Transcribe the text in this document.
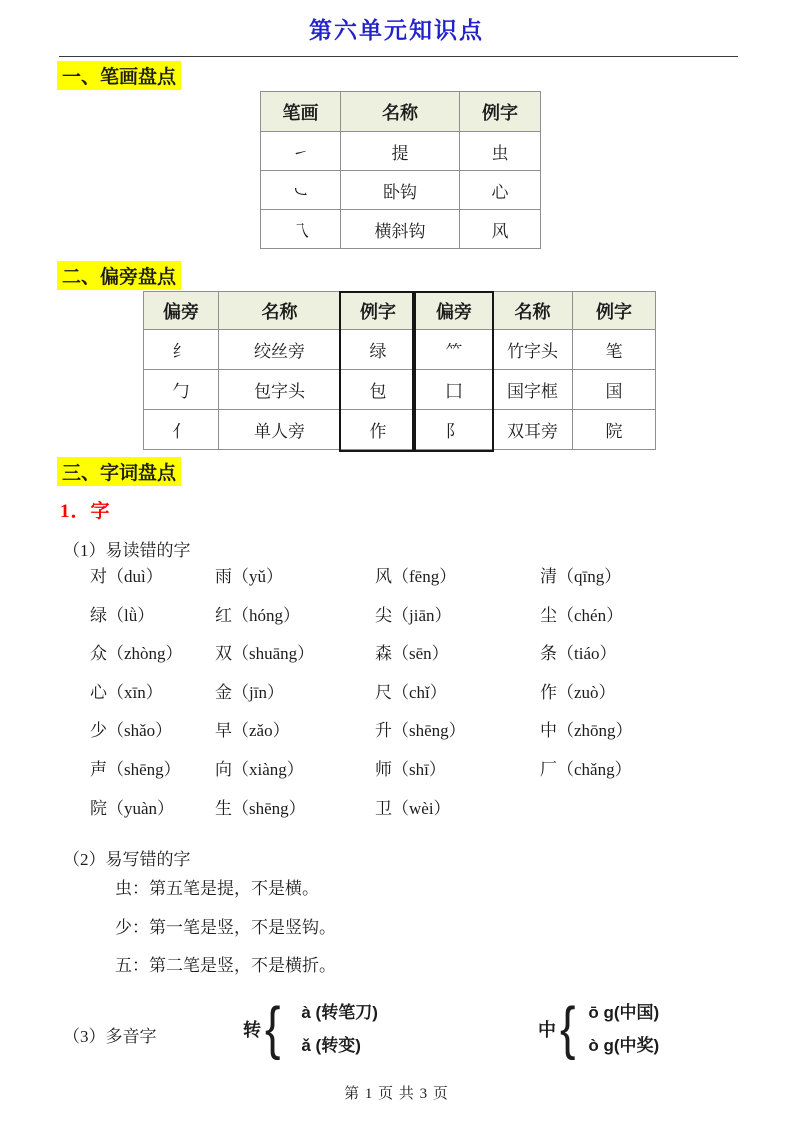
第六单元知识点
一、笔画盘点
笔画	名称	例字
㇀	提	虫
㇃	卧钩	心
乁	横斜钩	风
二、偏旁盘点
偏旁	名称	例字	偏旁	名称	例字
纟	绞丝旁	绿	⺮	竹字头	笔
勹	包字头	包	囗	国字框	国
亻	单人旁	作	阝	双耳旁	院
三、字词盘点
1．字
（1）易读错的字
对（duì）	雨（yǔ）	风（fēng）	清（qīng）
绿（lǜ）	红（hóng）	尖（jiān）	尘（chén）
众（zhòng） 双（shuāng）	森（sēn）	条（tiáo）
心（xīn）	金（jīn）	尺（chǐ）	作（zuò）
少（shǎo）	早（zǎo）	升（shēng）	中（zhōng）
声（shēng） 向（xiàng）	师（shī）	厂（chǎng）
院（yuàn） 生（shēng）	卫（wèi）
（2）易写错的字
虫：第五笔是提，不是横。
少：第一笔是竖，不是竖钩。
五：第二笔是竖，不是横折。
（3）多音字	转 {	à (转笔刀)
ǎ (转变)
中 { ō g(中国)
ò g(中奖)
第 1 页 共 3 页
